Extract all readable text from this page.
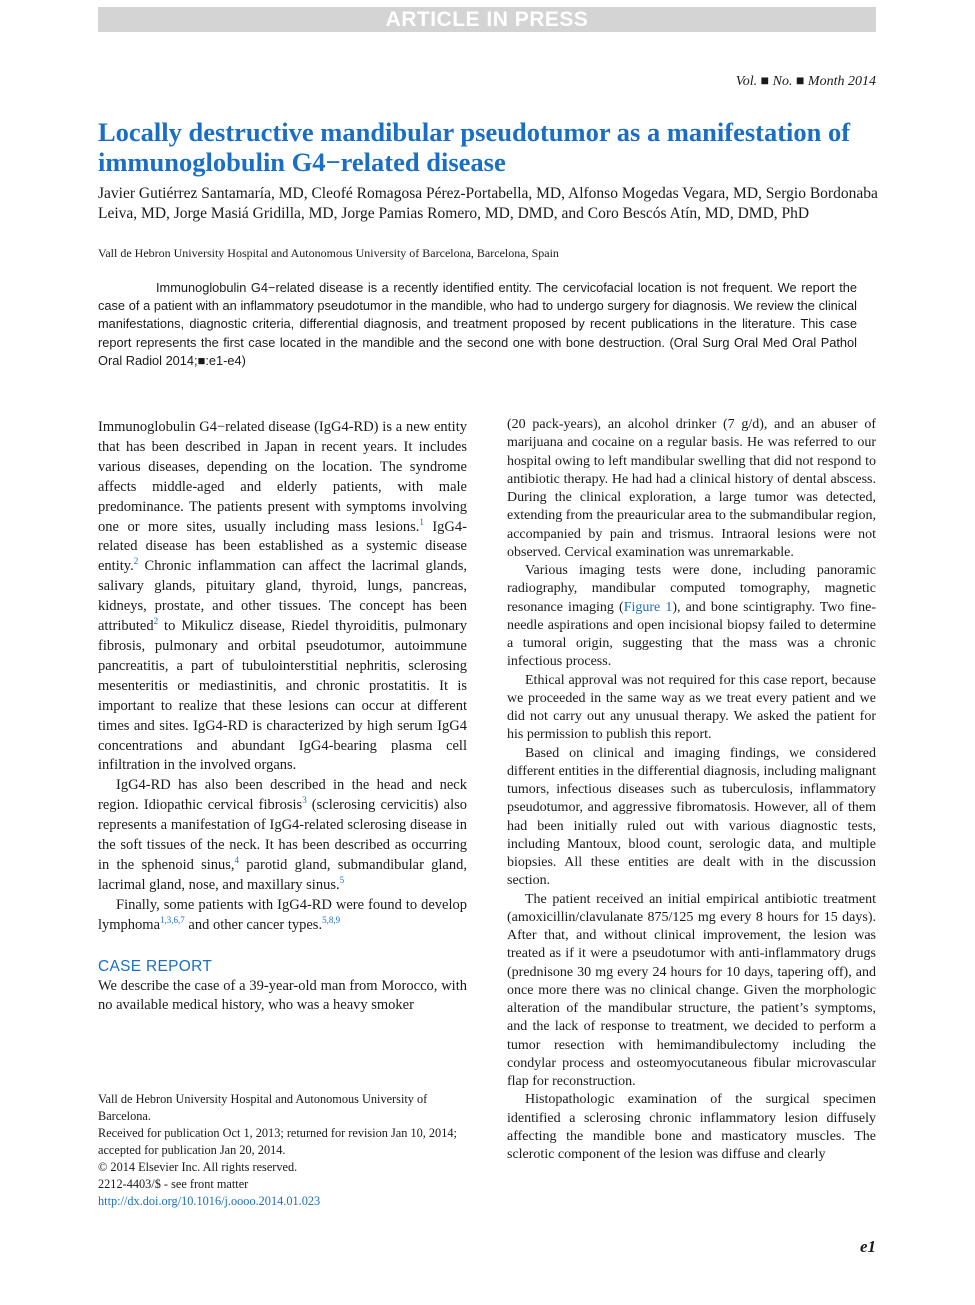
ARTICLE IN PRESS
Vol. ■ No. ■ Month 2014
Locally destructive mandibular pseudotumor as a manifestation of immunoglobulin G4−related disease
Javier Gutiérrez Santamaría, MD, Cleofé Romagosa Pérez-Portabella, MD, Alfonso Mogedas Vegara, MD, Sergio Bordonaba Leiva, MD, Jorge Masiá Gridilla, MD, Jorge Pamias Romero, MD, DMD, and Coro Bescós Atín, MD, DMD, PhD
Vall de Hebron University Hospital and Autonomous University of Barcelona, Barcelona, Spain

Immunoglobulin G4−related disease is a recently identified entity. The cervicofacial location is not frequent. We report the case of a patient with an inflammatory pseudotumor in the mandible, who had to undergo surgery for diagnosis. We review the clinical manifestations, diagnostic criteria, differential diagnosis, and treatment proposed by recent publications in the literature. This case report represents the first case located in the mandible and the second one with bone destruction. (Oral Surg Oral Med Oral Pathol Oral Radiol 2014;■:e1-e4)

Immunoglobulin G4−related disease (IgG4-RD) is a new entity that has been described in Japan in recent years. It includes various diseases, depending on the location. The syndrome affects middle-aged and elderly patients, with male predominance. The patients present with symptoms involving one or more sites, usually including mass lesions.$^1$ IgG4-related disease has been established as a systemic disease entity.$^2$ Chronic inflammation can affect the lacrimal glands, salivary glands, pituitary gland, thyroid, lungs, pancreas, kidneys, prostate, and other tissues. The concept has been attributed$^2$ to Mikulicz disease, Riedel thyroiditis, pulmonary fibrosis, pulmonary and orbital pseudotumor, autoimmune pancreatitis, a part of tubulointerstitial nephritis, sclerosing mesenteritis or mediastinitis, and chronic prostatitis. It is important to realize that these lesions can occur at different times and sites. IgG4-RD is characterized by high serum IgG4 concentrations and abundant IgG4-bearing plasma cell infiltration in the involved organs.

IgG4-RD has also been described in the head and neck region. Idiopathic cervical fibrosis$^3$ (sclerosing cervicitis) also represents a manifestation of IgG4-related sclerosing disease in the soft tissues of the neck. It has been described as occurring in the sphenoid sinus,$^4$ parotid gland, submandibular gland, lacrimal gland, nose, and maxillary sinus.$^5$

Finally, some patients with IgG4-RD were found to develop lymphoma$^{1,3,6,7}$ and other cancer types.$^{5,8,9}$

CASE REPORT

We describe the case of a 39-year-old man from Morocco, with no available medical history, who was a heavy smoker

(20 pack-years), an alcohol drinker (7 g/d), and an abuser of marijuana and cocaine on a regular basis. He was referred to our hospital owing to left mandibular swelling that did not respond to antibiotic therapy. He had had a clinical history of dental abscess. During the clinical exploration, a large tumor was detected, extending from the preauricular area to the submandibular region, accompanied by pain and trismus. Intraoral lesions were not observed. Cervical examination was unremarkable.

Various imaging tests were done, including panoramic radiography, mandibular computed tomography, magnetic resonance imaging (Figure 1), and bone scintigraphy. Two fine-needle aspirations and open incisional biopsy failed to determine a tumoral origin, suggesting that the mass was a chronic infectious process.

Ethical approval was not required for this case report, because we proceeded in the same way as we treat every patient and we did not carry out any unusual therapy. We asked the patient for his permission to publish this report.

Based on clinical and imaging findings, we considered different entities in the differential diagnosis, including malignant tumors, infectious diseases such as tuberculosis, inflammatory pseudotumor, and aggressive fibromatosis. However, all of them had been initially ruled out with various diagnostic tests, including Mantoux, blood count, serologic data, and multiple biopsies. All these entities are dealt with in the discussion section.

The patient received an initial empirical antibiotic treatment (amoxicillin/clavulanate 875/125 mg every 8 hours for 15 days). After that, and without clinical improvement, the lesion was treated as if it were a pseudotumor with anti-inflammatory drugs (prednisone 30 mg every 24 hours for 10 days, tapering off), and once more there was no clinical change. Given the morphologic alteration of the mandibular structure, the patient’s symptoms, and the lack of response to treatment, we decided to perform a tumor resection with hemimandibulectomy including the condylar process and osteomyocutaneous fibular microvascular flap for reconstruction.

Histopathologic examination of the surgical specimen identified a sclerosing chronic inflammatory lesion diffusely affecting the mandible bone and masticatory muscles. The sclerotic component of the lesion was diffuse and clearly

Vall de Hebron University Hospital and Autonomous University of Barcelona.
Received for publication Oct 1, 2013; returned for revision Jan 10, 2014; accepted for publication Jan 20, 2014.
© 2014 Elsevier Inc. All rights reserved.
2212-4403/$ - see front matter
http://dx.doi.org/10.1016/j.oooo.2014.01.023
e1
